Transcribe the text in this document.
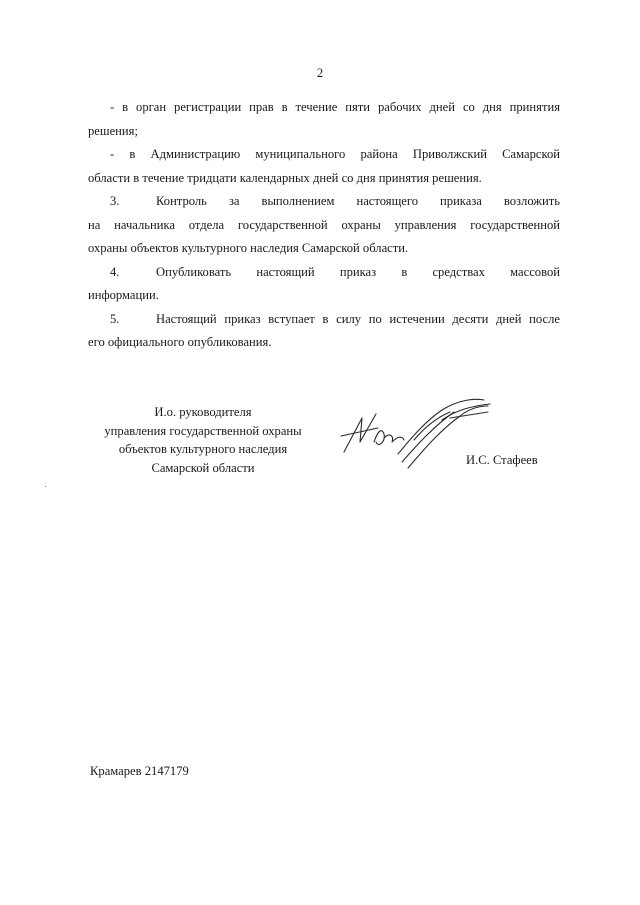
2
- в орган регистрации прав в течение пяти рабочих дней со дня принятия
решения;
- в Администрацию муниципального района Приволжский Самарской
области в течение тридцати календарных дней со дня принятия решения.
3.	Контроль за выполнением настоящего приказа возложить
на начальника отдела государственной охраны управления государственной
охраны объектов культурного наследия Самарской области.
4.	Опубликовать настоящий приказ в средствах массовой
информации.
5.	Настоящий приказ вступает в силу по истечении десяти дней после
его официального опубликования.
И.о. руководителя
управления государственной охраны
объектов культурного наследия
Самарской области
И.С. Стафеев
Крамарев 2147179
